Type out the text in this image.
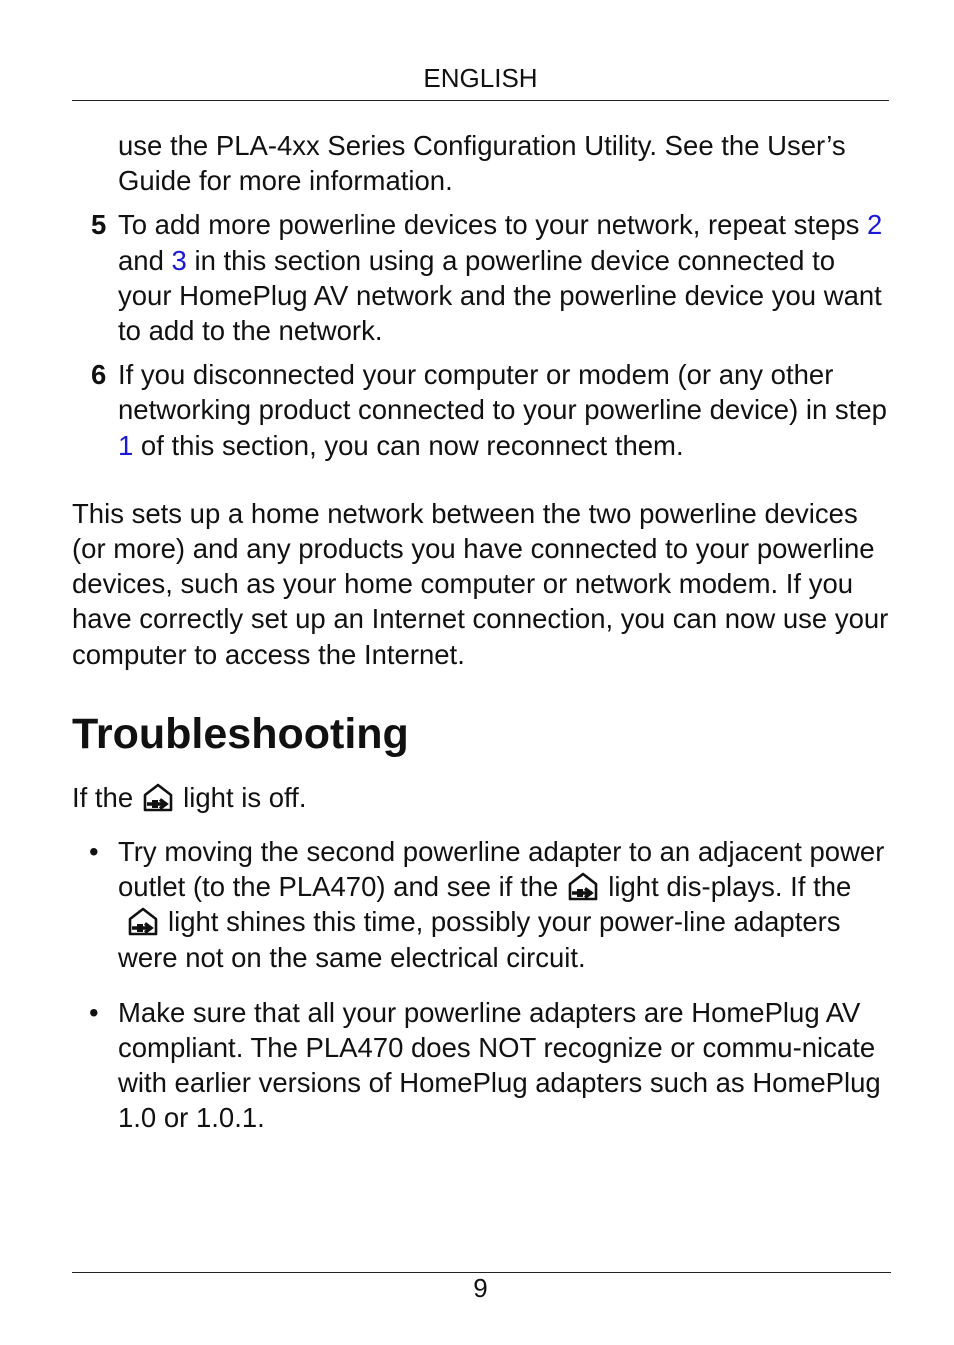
ENGLISH
use the PLA-4xx Series Configuration Utility. See the User’s Guide for more information.
5 To add more powerline devices to your network, repeat steps 2 and 3 in this section using a powerline device connected to your HomePlug AV network and the powerline device you want to add to the network.
6 If you disconnected your computer or modem (or any other networking product connected to your powerline device) in step 1 of this section, you can now reconnect them.
This sets up a home network between the two powerline devices (or more) and any products you have connected to your powerline devices, such as your home computer or network modem. If you have correctly set up an Internet connection, you can now use your computer to access the Internet.
Troubleshooting
If the light is off.
• Try moving the second powerline adapter to an adjacent power outlet (to the PLA470) and see if the light dis-plays. If the
light shines this time, possibly your power-line adapters were not on the same electrical circuit.
• Make sure that all your powerline adapters are HomePlug AV compliant. The PLA470 does NOT recognize or commu-nicate with earlier versions of HomePlug adapters such as HomePlug 1.0 or 1.0.1.
9
